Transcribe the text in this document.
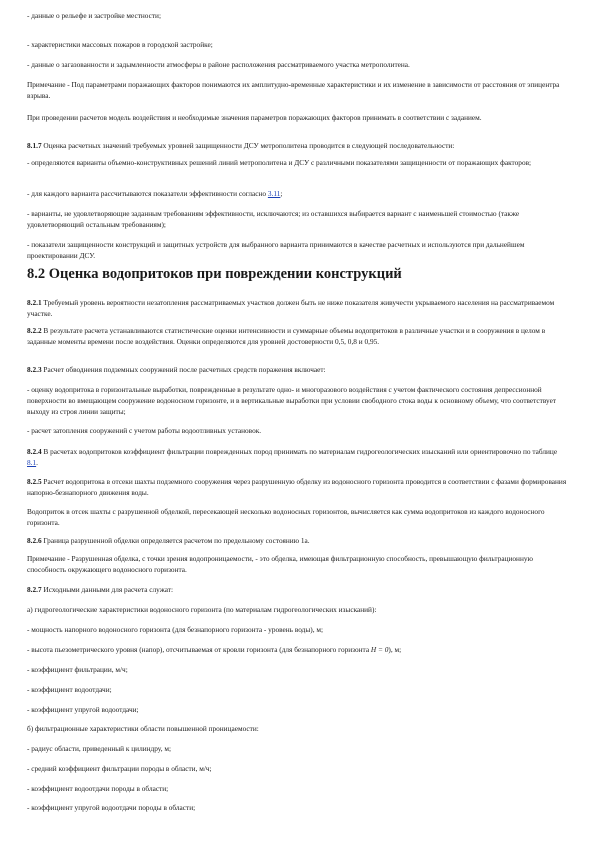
- данные о рельефе и застройке местности;

- характеристики массовых пожаров в городской застройке;

- данные о загазованности и задымленности атмосферы в районе расположения рассматриваемого участка метрополитена.

Примечание - Под параметрами поражающих факторов понимаются их амплитудно-временные характеристики и их изменение в зависимости от расстояния от эпицентра взрыва.

При проведении расчетов модель воздействия и необходимые значения параметров поражающих факторов принимать в соответствии с заданием.

8.1.7 Оценка расчетных значений требуемых уровней защищенности ДСУ метрополитена проводится в следующей последовательности:

- определяются варианты объемно-конструктивных решений линий метрополитена и ДСУ с различными показателями защищенности от поражающих факторов;

- для каждого варианта рассчитываются показатели эффективности согласно 3.11;

- варианты, не удовлетворяющие заданным требованиям эффективности, исключаются; из оставшихся выбирается вариант с наименьшей стоимостью (также удовлетворяющий остальным требованиям);

- показатели защищенности конструкций и защитных устройств для выбранного варианта принимаются в качестве расчетных и используются при дальнейшем проектировании ДСУ.

8.2 Оценка водопритоков при повреждении конструкций

8.2.1 Требуемый уровень вероятности незатопления рассматриваемых участков должен быть не ниже показателя живучести укрываемого населения на рассматриваемом участке.

8.2.2 В результате расчета устанавливаются статистические оценки интенсивности и суммарные объемы водопритоков в различные участки и в сооружения в целом в заданные моменты времени после воздействия. Оценки определяются для уровней достоверности 0,5, 0,8 и 0,95.

8.2.3 Расчет обводнения подземных сооружений после расчетных средств поражения включает:

- оценку водопритока в горизонтальные выработки, поврежденные в результате одно- и многоразового воздействия с учетом фактического состояния депрессионной поверхности во вмещающем сооружение водоносном горизонте, и в вертикальные выработки при условии свободного стока воды к основному объему, что соответствует выходу из строя линии защиты;

- расчет затопления сооружений с учетом работы водоотливных установок.

8.2.4 В расчетах водопритоков коэффициент фильтрации поврежденных пород принимать по материалам гидрогеологических изысканий или ориентировочно по таблице 8.1.

8.2.5 Расчет водопритока в отсеки шахты подземного сооружения через разрушенную обделку из водоносного горизонта проводится в соответствии с фазами формирования напорно-безнапорного движения воды.

Водоприток в отсек шахты с разрушенной обделкой, пересекающей несколько водоносных горизонтов, вычисляется как сумма водопритоков из каждого водоносного горизонта.

8.2.6 Граница разрушенной обделки определяется расчетом по предельному состоянию 1а.

Примечание - Разрушенная обделка, с точки зрения водопроницаемости, - это обделка, имеющая фильтрационную способность, превышающую фильтрационную способность окружающего водоносного горизонта.

8.2.7 Исходными данными для расчета служат:

а) гидрогеологические характеристики водоносного горизонта (по материалам гидрогеологических изысканий):

- мощность напорного водоносного горизонта (для безнапорного горизонта - уровень воды), м;

- высота пьезометрического уровня (напор), отсчитываемая от кровли горизонта (для безнапорного горизонта H = 0), м;

- коэффициент фильтрации, м/ч;

- коэффициент водоотдачи;

- коэффициент упругой водоотдачи;

б) фильтрационные характеристики области повышенной проницаемости:

- радиус области, приведенный к цилиндру, м;

- средний коэффициент фильтрации породы в области, м/ч;

- коэффициент водоотдачи породы в области;

- коэффициент упругой водоотдачи породы в области;
